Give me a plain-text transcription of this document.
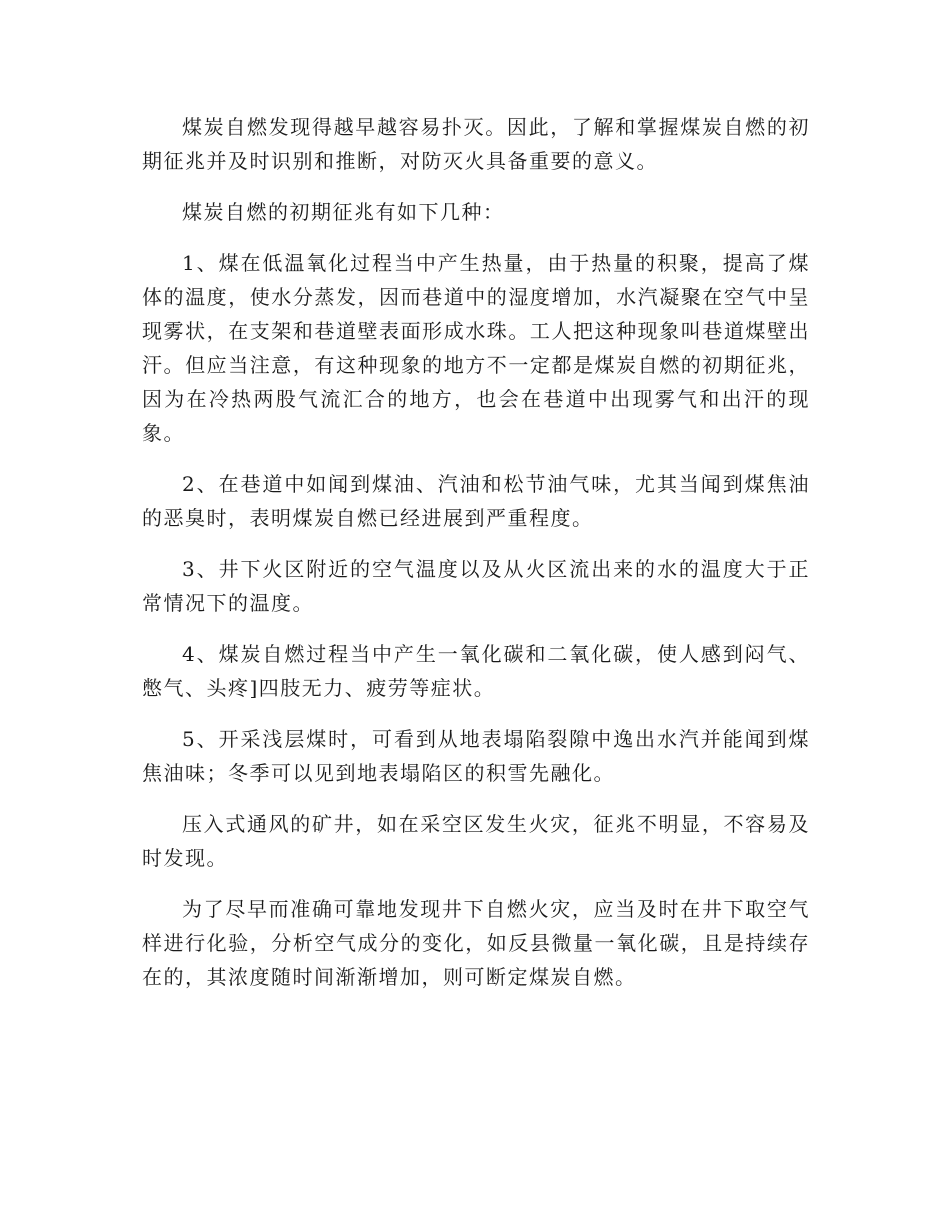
煤炭自燃发现得越早越容易扑灭。因此，了解和掌握煤炭自燃的初期征兆并及时识别和推断，对防灭火具备重要的意义。

煤炭自燃的初期征兆有如下几种：

1、煤在低温氧化过程当中产生热量，由于热量的积聚，提高了煤体的温度，使水分蒸发，因而巷道中的湿度增加，水汽凝聚在空气中呈现雾状，在支架和巷道壁表面形成水珠。工人把这种现象叫巷道煤壁出汗。但应当注意，有这种现象的地方不一定都是煤炭自燃的初期征兆，因为在冷热两股气流汇合的地方，也会在巷道中出现雾气和出汗的现象。

2、在巷道中如闻到煤油、汽油和松节油气味，尤其当闻到煤焦油的恶臭时，表明煤炭自燃已经进展到严重程度。

3、井下火区附近的空气温度以及从火区流出来的水的温度大于正常情况下的温度。

4、煤炭自燃过程当中产生一氧化碳和二氧化碳，使人感到闷气、憋气、头疼]四肢无力、疲劳等症状。

5、开采浅层煤时，可看到从地表塌陷裂隙中逸出水汽并能闻到煤焦油味；冬季可以见到地表塌陷区的积雪先融化。

压入式通风的矿井，如在采空区发生火灾，征兆不明显，不容易及时发现。

为了尽早而准确可靠地发现井下自燃火灾，应当及时在井下取空气样进行化验，分析空气成分的变化，如反县微量一氧化碳，且是持续存在的，其浓度随时间渐渐增加，则可断定煤炭自燃。
